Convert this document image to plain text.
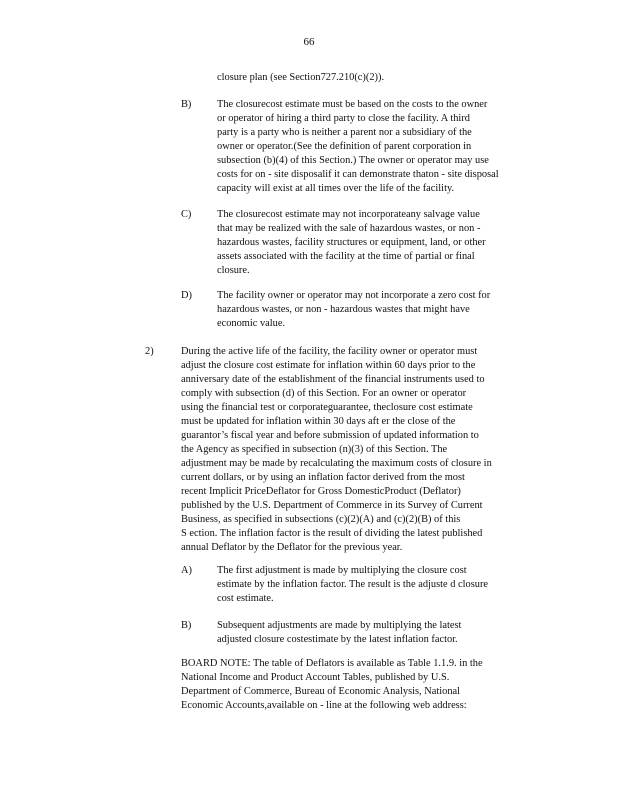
66
closure plan (see Section727.210(c)(2)).
B) The closurecost estimate must be based on the costs to the owner
or operator of hiring a third party to close the facility. A third
party is a party who is neither a parent nor a subsidiary of the
owner or operator.(See the definition of parent corporation in
subsection (b)(4) of this Section.) The owner or operator may use
costs for on - site disposalif it can demonstrate thaton - site disposal
capacity will exist at all times over the life of the facility.
C) The closurecost estimate may not incorporateany salvage value
that may be realized with the sale of hazardous wastes, or non -
hazardous wastes, facility structures or equipment, land, or other
assets associated with the facility at the time of partial or final
closure.
D) The facility owner or operator may not incorporate a zero cost for
hazardous wastes, or non - hazardous wastes that might have
economic value.
2)	During the active life of the facility, the facility owner or operator must
adjust the closure cost estimate for inflation within 60 days prior to the
anniversary date of the establishment of the financial instruments used to
comply with subsection (d) of this Section. For an owner or operator
using the financial test or corporateguarantee, theclosure cost estimate
must be updated for inflation within 30 days aft er the close of the
guarantor’s fiscal year and before submission of updated information to
the Agency as specified in subsection (n)(3) of this Section. The
adjustment may be made by recalculating the maximum costs of closure in
current dollars, or by using an inflation factor derived from the most
recent Implicit PriceDeflator for Gross DomesticProduct (Deflator)
published by the U.S. Department of Commerce in its Survey of Current
Business, as specified in subsections (c)(2)(A) and (c)(2)(B) of this
S ection. The inflation factor is the result of dividing the latest published
annual Deflator by the Deflator for the previous year.
A) The first adjustment is made by multiplying the closure cost
estimate by the inflation factor. The result is the adjuste d closure
cost estimate.
B) Subsequent adjustments are made by multiplying the latest
adjusted closure costestimate by the latest inflation factor.
BOARD NOTE: The table of Deflators is available as Table 1.1.9. in the
National Income and Product Account Tables, published by U.S.
Department of Commerce, Bureau of Economic Analysis, National
Economic Accounts,available on - line at the following web address:
